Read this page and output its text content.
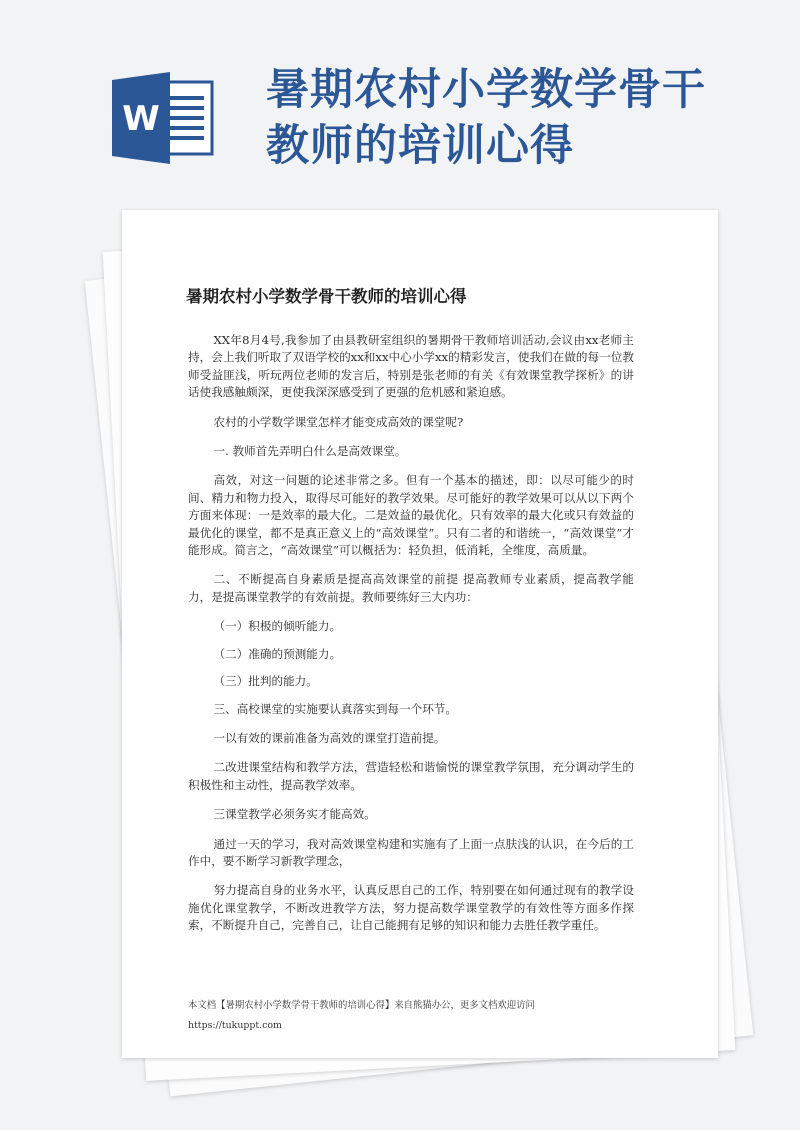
W
暑期农村小学数学骨干
教师的培训心得
暑期农村小学数学骨干教师的培训心得

XX年8月4号,我参加了由县教研室组织的暑期骨干教师培训活动,会议由xx老师主持，会上我们听取了双语学校的xx和xx中心小学xx的精彩发言，使我们在做的每一位教师受益匪浅，听玩两位老师的发言后，特别是张老师的有关《有效课堂教学探析》的讲话使我感触颇深，更使我深深感受到了更强的危机感和紧迫感。

农村的小学数学课堂怎样才能变成高效的课堂呢?

一. 教师首先弄明白什么是高效课堂。

高效，对这一问题的论述非常之多。但有一个基本的描述，即：以尽可能少的时间、精力和物力投入，取得尽可能好的教学效果。尽可能好的教学效果可以从以下两个方面来体现：一是效率的最大化。二是效益的最优化。只有效率的最大化或只有效益的最优化的课堂，都不是真正意义上的“高效课堂”。只有二者的和谐统一，“高效课堂”才能形成。简言之，“高效课堂”可以概括为：轻负担，低消耗，全维度，高质量。

二、不断提高自身素质是提高高效课堂的前提 提高教师专业素质，提高教学能力，是提高课堂教学的有效前提。教师要练好三大内功：

（一）积极的倾听能力。

（二）准确的预测能力。

（三）批判的能力。

三、高校课堂的实施要认真落实到每一个环节。

一以有效的课前准备为高效的课堂打造前提。

二改进课堂结构和教学方法，营造轻松和谐愉悦的课堂教学氛围，充分调动学生的积极性和主动性，提高教学效率。

三课堂教学必须务实才能高效。

通过一天的学习，我对高效课堂构建和实施有了上面一点肤浅的认识，在今后的工作中，要不断学习新教学理念，

努力提高自身的业务水平，认真反思自己的工作，特别要在如何通过现有的教学设施优化课堂教学，不断改进教学方法，努力提高数学课堂教学的有效性等方面多作探索，不断提升自己，完善自己，让自己能拥有足够的知识和能力去胜任教学重任。

本文档【暑期农村小学数学骨干教师的培训心得】来自熊猫办公，更多文档欢迎访问
https://tukuppt.com
